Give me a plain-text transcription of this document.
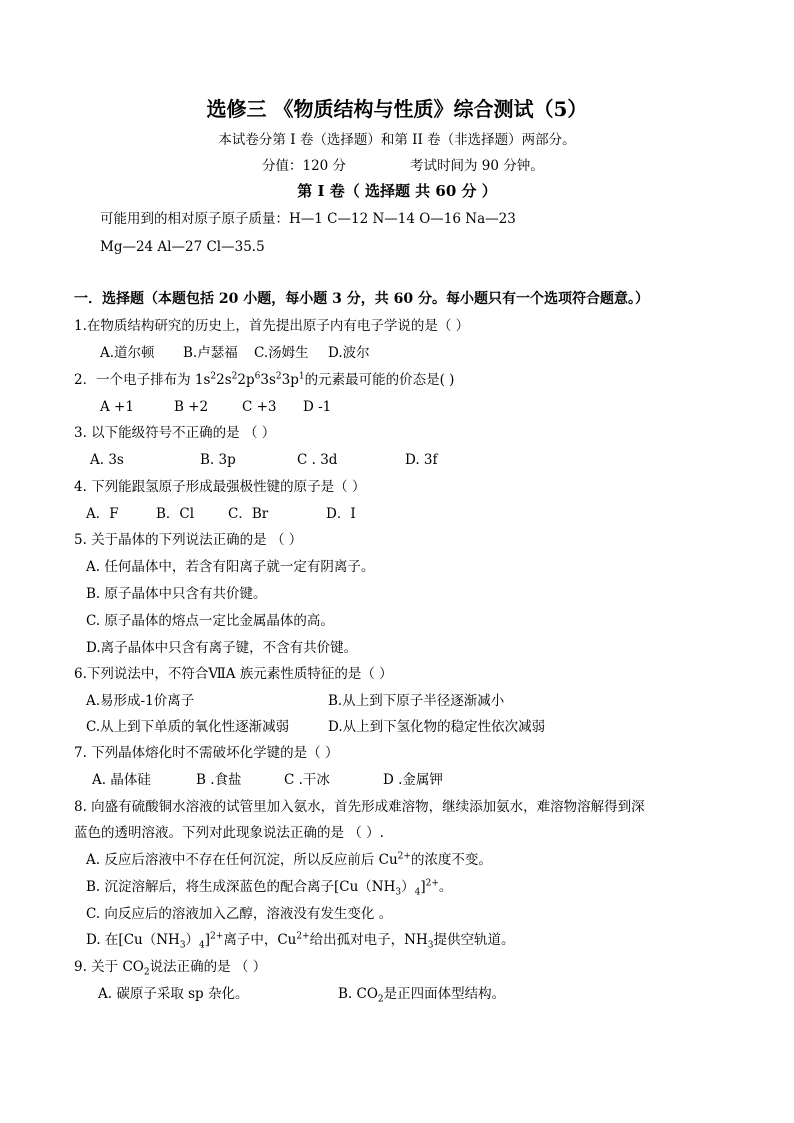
选修三 《物质结构与性质》综合测试（5）
本试卷分第 I 卷（选择题）和第 II 卷（非选择题）两部分。
分值：120 分	考试时间为 90 分钟。
第 I 卷（ 选择题 共 60 分 ）
可能用到的相对原子原子质量：H—1 C—12 N—14 O—16 Na—23
Mg—24 Al—27 Cl—35.5
一．选择题（本题包括 20 小题，每小题 3 分，共 60 分。每小题只有一个选项符合题意。）
1.在物质结构研究的历史上，首先提出原子内有电子学说的是（ ）
A.道尔顿 B.卢瑟福 C.汤姆生 D.波尔
2．一个电子排布为 $1s^22s^22p^63s^23p^1$的元素最可能的价态是( )
A +1	B +2	C +3 D -1
3. 以下能级符号不正确的是 （ ）
A. 3s	B. 3p	C . 3d	D. 3f
4. 下列能跟氢原子形成最强极性键的原子是（ ）
A．F	B．Cl	C．Br	D．I
5. 关于晶体的下列说法正确的是 （ ）
A. 任何晶体中，若含有阳离子就一定有阴离子。
B. 原子晶体中只含有共价键。
C. 原子晶体的熔点一定比金属晶体的高。
D.离子晶体中只含有离子键，不含有共价键。
6.下列说法中，不符合ⅦA 族元素性质特征的是（ ）
A.易形成-1价离子	B.从上到下原子半径逐渐减小
C.从上到下单质的氧化性逐渐减弱	D.从上到下氢化物的稳定性依次减弱
7. 下列晶体熔化时不需破坏化学键的是（ ）
A. 晶体硅	B .食盐	C .干冰	D .金属钾
8. 向盛有硫酸铜水溶液的试管里加入氨水，首先形成难溶物，继续添加氨水，难溶物溶解得到深
蓝色的透明溶液。下列对此现象说法正确的是 （ ）.
A. 反应后溶液中不存在任何沉淀，所以反应前后 $Cu^{2+}$的浓度不变。
B. 沉淀溶解后，将生成深蓝色的配合离子$[Cu(NH_3)_4]^{2+}$。
C. 向反应后的溶液加入乙醇，溶液没有发生变化 。
D. 在$[Cu(NH_3)_4]^{2+}$离子中，$Cu^{2+}$给出孤对电子，$NH_3$提供空轨道。
9. 关于 $CO_2$说法正确的是 （ ）
A. 碳原子采取 sp 杂化。	B. $CO_2$是正四面体型结构。
